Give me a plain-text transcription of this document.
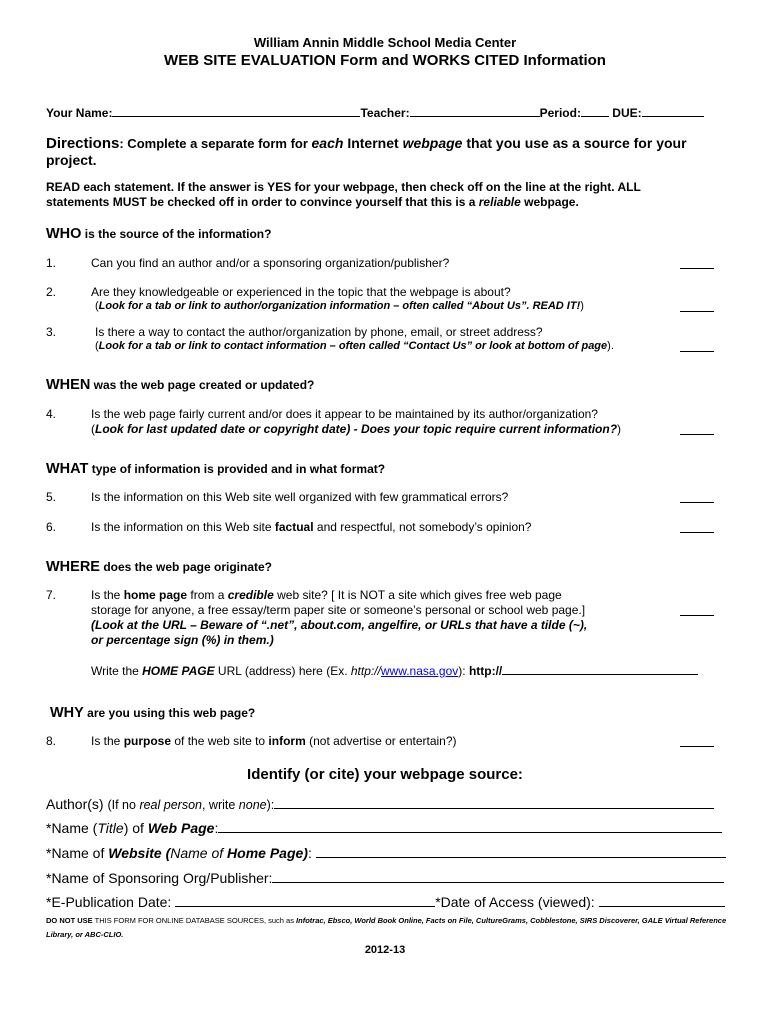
William Annin Middle School Media Center
WEB SITE EVALUATION Form and WORKS CITED Information
Your Name:	Teacher:	Period:	DUE:
Directions: Complete a separate form for each Internet webpage that you use as a source for your
project.
READ each statement. If the answer is YES for your webpage, then check off on the line at the right. ALL
statements MUST be checked off in order to convince yourself that this is a reliable webpage.
WHO is the source of the information?
1.	Can you find an author and/or a sponsoring organization/publisher?
2.	Are they knowledgeable or experienced in the topic that the webpage is about?
(Look for a tab or link to author/organization information – often called “About Us”. READ IT!)
3.	Is there a way to contact the author/organization by phone, email, or street address?
(Look for a tab or link to contact information – often called “Contact Us” or look at bottom of page).
WHEN was the web page created or updated?
4.	Is the web page fairly current and/or does it appear to be maintained by its author/organization?
(Look for last updated date or copyright date) - Does your topic require current information?)
WHAT type of information is provided and in what format?
5.	Is the information on this Web site well organized with few grammatical errors?
6.	Is the information on this Web site factual and respectful, not somebody’s opinion?
WHERE does the web page originate?
7.	Is the home page from a credible web site? [ It is NOT a site which gives free web page
storage for anyone, a free essay/term paper site or someone’s personal or school web page.]
(Look at the URL – Beware of “.net”, about.com, angelfire, or URLs that have a tilde (~),
or percentage sign (%) in them.)
Write the HOME PAGE URL (address) here (Ex. http://www.nasa.gov): http://
WHY are you using this web page?
8.	Is the purpose of the web site to inform (not advertise or entertain?)
Identify (or cite) your webpage source:
Author(s) (If no real person, write none):
*Name (Title) of Web Page:
*Name of Website (Name of Home Page):
*Name of Sponsoring Org/Publisher:
*E-Publication Date:	*Date of Access (viewed):
DO NOT USE THIS FORM FOR ONLINE DATABASE SOURCES, such as Infotrac, Ebsco, World Book Online, Facts on File, CultureGrams, Cobblestone, SIRS Discoverer, GALE Virtual Reference Library, or ABC-CLIO.
2012-13
